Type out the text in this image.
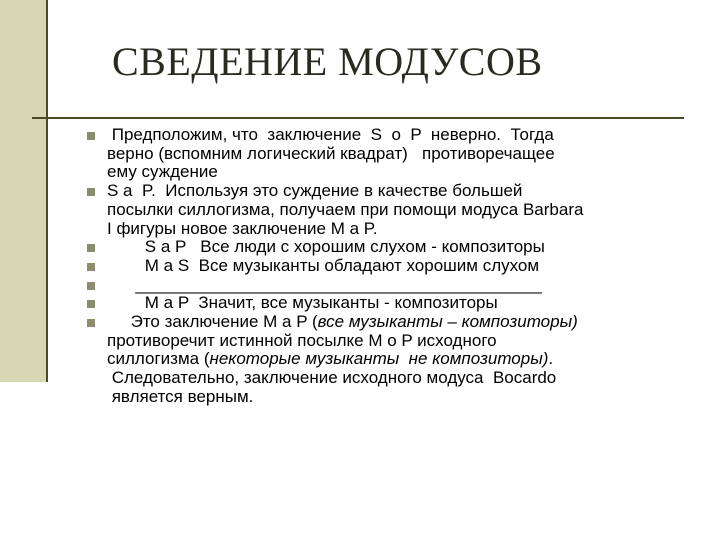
СВЕДЕНИЕ МОДУСОВ
Предположим, что  заключение  S  o  P  неверно.  Тогда
верно (вспомним логический квадрат)   противоречащее
ему суждение
S a  P.  Используя это суждение в качестве большей
посылки силлогизма, получаем при помощи модуса Barbara
I фигуры новое заключение М a P.
S a P   Все люди с хорошим слухом - композиторы
M a S  Все музыканты обладают хорошим слухом
___________________________________________
М a P  Значит, все музыканты - композиторы
Это заключение М a P (все музыканты – композиторы)
противоречит истинной посылке М o P исходного
силлогизма (некоторые музыканты  не композиторы).
Следовательно, заключение исходного модуса  Bocardo
является верным.
